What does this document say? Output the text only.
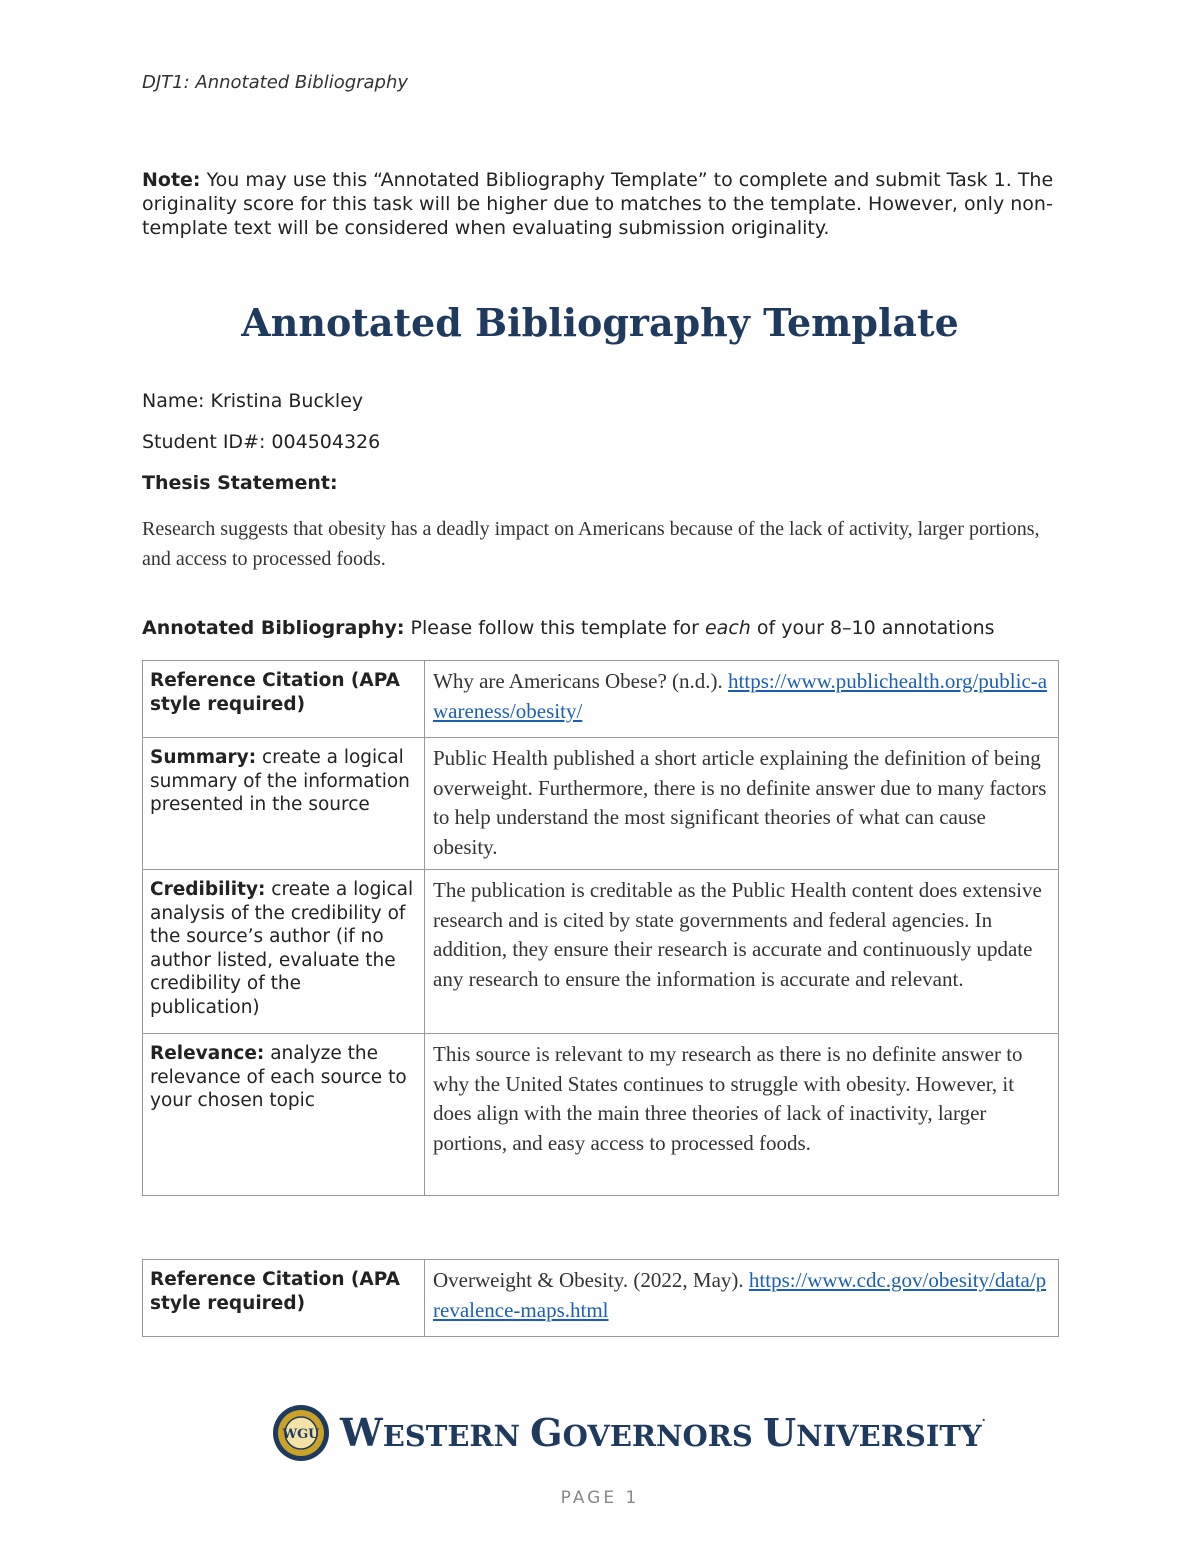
DJT1: Annotated Bibliography
Note: You may use this “Annotated Bibliography Template” to complete and submit Task 1. The originality score for this task will be higher due to matches to the template. However, only non-template text will be considered when evaluating submission originality.
Annotated Bibliography Template
Name: Kristina Buckley
Student ID#: 004504326
Thesis Statement:
Research suggests that obesity has a deadly impact on Americans because of the lack of activity, larger portions, and access to processed foods.
Annotated Bibliography: Please follow this template for each of your 8–10 annotations
Reference Citation (APA style required)	Why are Americans Obese? (n.d.). https://www.publichealth.org/public-awareness/obesity/
Summary: create a logical summary of the information presented in the source	Public Health published a short article explaining the definition of being overweight. Furthermore, there is no definite answer due to many factors to help understand the most significant theories of what can cause obesity.
Credibility: create a logical analysis of the credibility of the source’s author (if no author listed, evaluate the credibility of the publication)	The publication is creditable as the Public Health content does extensive research and is cited by state governments and federal agencies. In addition, they ensure their research is accurate and continuously update any research to ensure the information is accurate and relevant.
Relevance: analyze the relevance of each source to your chosen topic	This source is relevant to my research as there is no definite answer to why the United States continues to struggle with obesity. However, it does align with the main three theories of lack of inactivity, larger portions, and easy access to processed foods.
Reference Citation (APA style required)	Overweight & Obesity. (2022, May). https://www.cdc.gov/obesity/data/prevalence-maps.html
WGU WESTERN GOVERNORS UNIVERSITY.
PAGE 1
